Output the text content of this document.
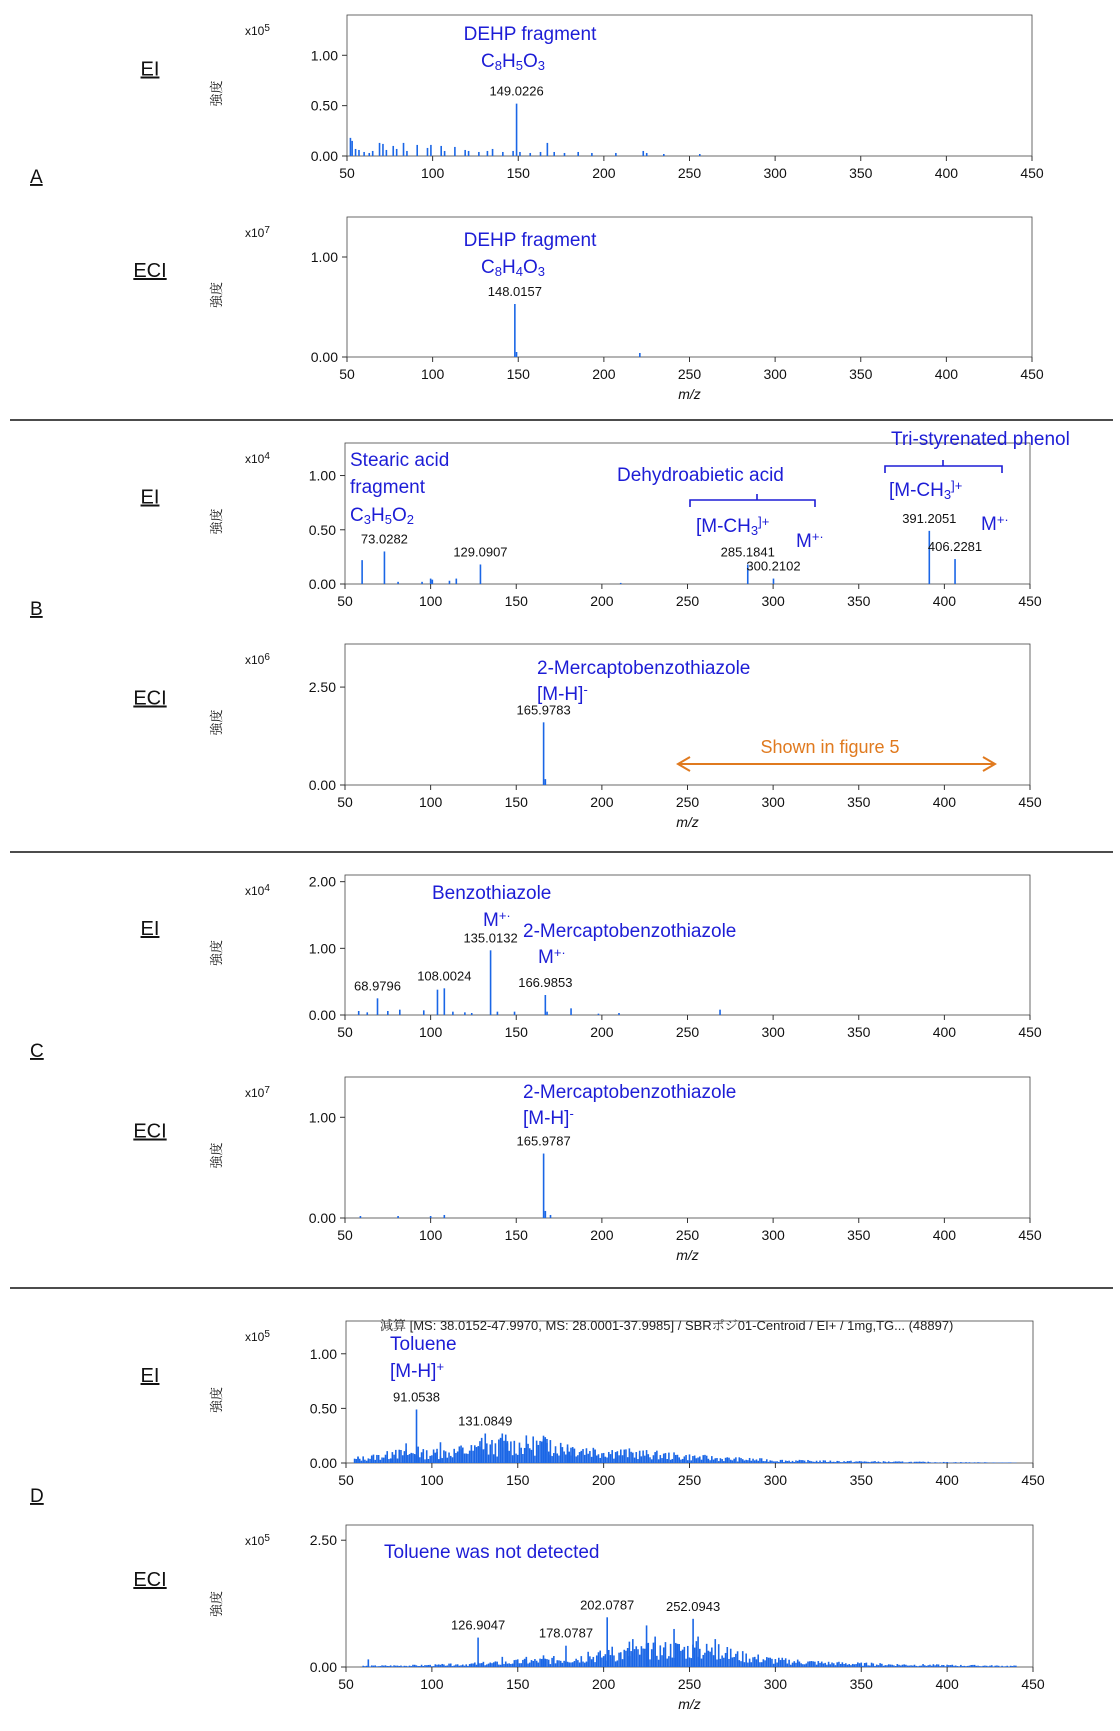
A
B
C
D
減算 [MS: 38.0152-47.9970, MS: 28.0001-37.9985] / SBRポジ01-Centroid / EI+ / 1mg,TG... (48897)
EI
強度
x105
0.00
0.50
1.00
50	100	150	200	250	300	350	400	450
149.0226
ECI
強度
x107
0.00
1.00
50	100	150	200	250	300	350	400	450
m/z
148.0157
EI
強度
x104
0.00
0.50
1.00
50	100	150	200	250	300	350	400	450
73.0282
129.0907	285.1841
300.2102
391.2051
406.2281
ECI
強度
x106
0.00
2.50
50	100	150	200	250	300	350	400	450
m/z
165.9783
EI
強度
x104
0.00
1.00
2.00
50	100	150	200	250	300	350	400	450
68.9796
108.0024
135.0132
166.9853
ECI
強度
x107
0.00
1.00
50	100	150	200	250	300	350	400	450
m/z
165.9787
EI
強度
x105
0.00
0.50
1.00
50	100	150	200	250	300	350	400	450
91.0538
131.0849
ECI
強度
x105
0.00
2.50
50	100	150	200	250	300	350	400	450
m/z
126.9047
178.0787
202.0787 252.0943
DEHP fragment
C8H5O3
DEHP fragment
C8H4O3
Stearic acid
fragment
C3H5O2
Dehydroabietic acid
[M-CH3]+
M+·
Tri-styrenated phenol
[M-CH3]+
M+·
2-Mercaptobenzothiazole
[M-H]-
Shown in figure 5
Benzothiazole
M+·
2-Mercaptobenzothiazole
M+·
2-Mercaptobenzothiazole
[M-H]-
Toluene
[M-H]+
Toluene was not detected
